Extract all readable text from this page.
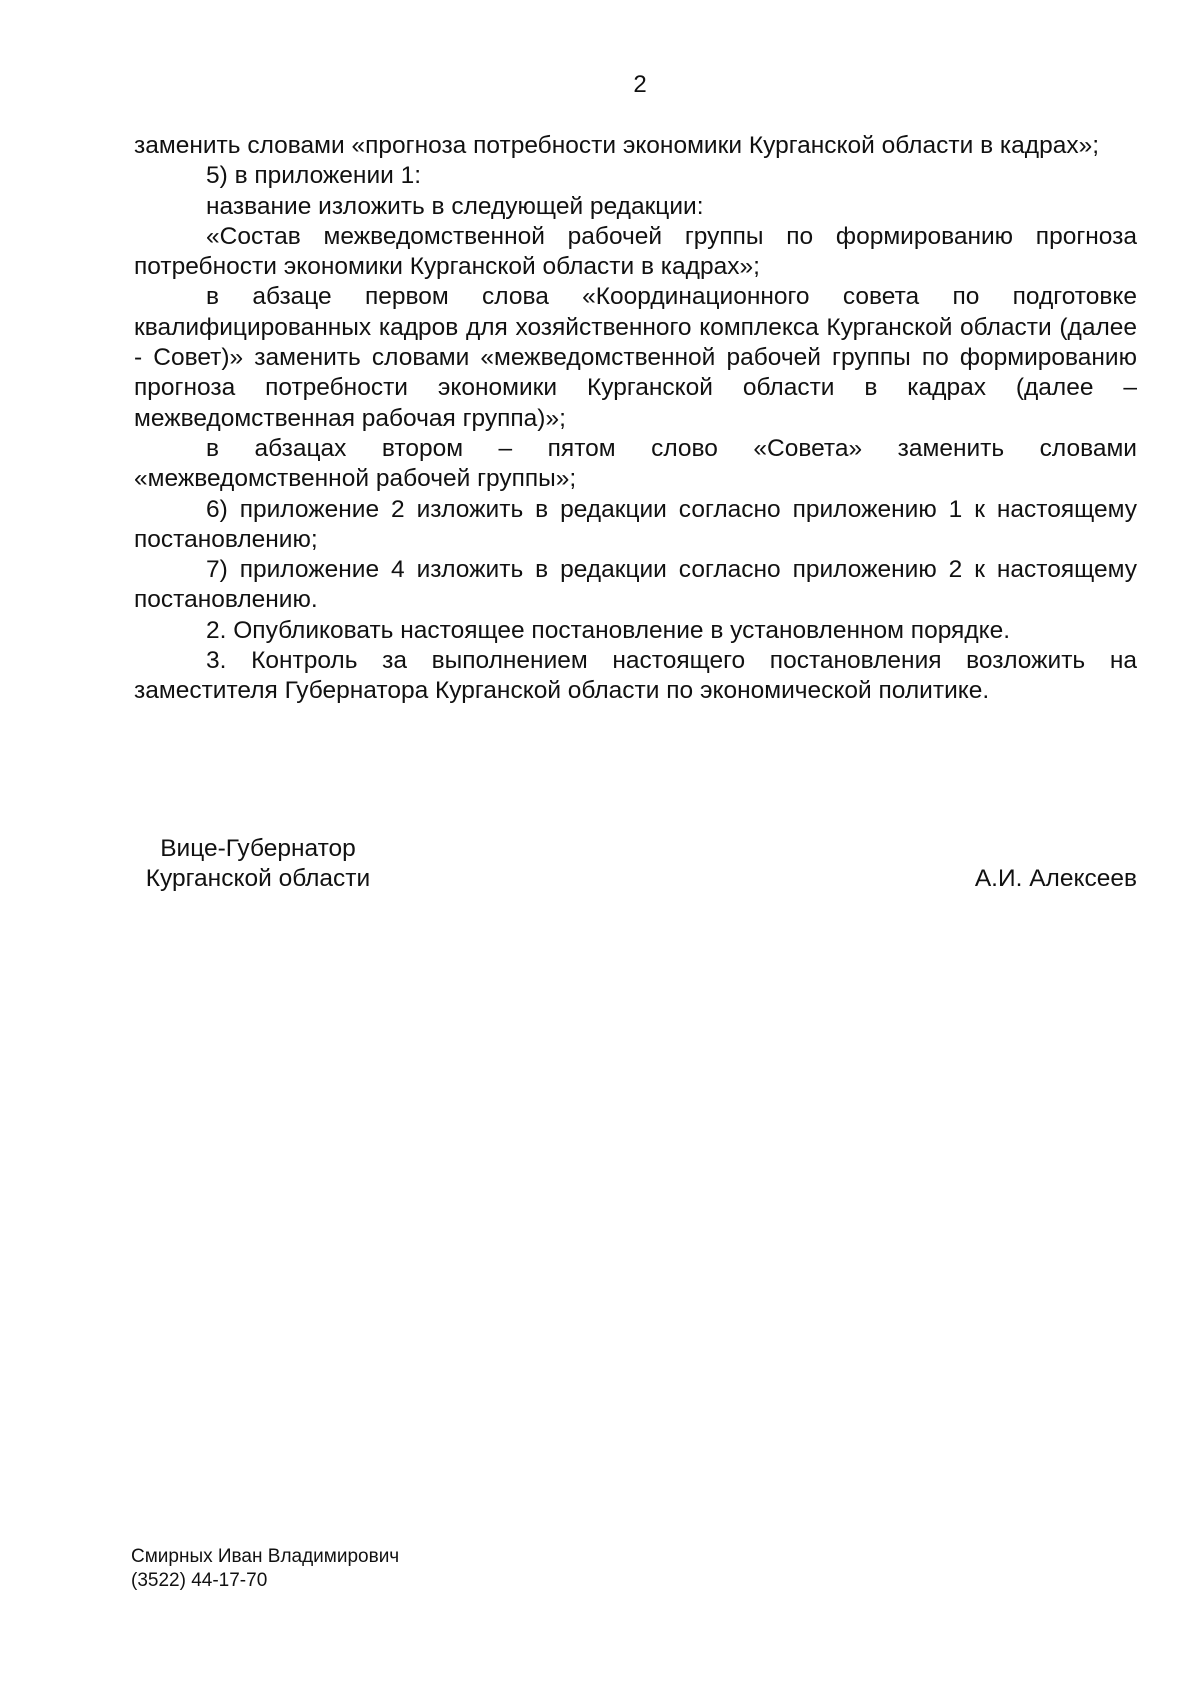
2

заменить словами «прогноза потребности экономики Курганской области в кадрах»;

5) в приложении 1:

название изложить в следующей редакции:

«Состав межведомственной рабочей группы по формированию прогноза потребности экономики Курганской области в кадрах»;

в абзаце первом слова «Координационного совета по подготовке квалифицированных кадров для хозяйственного комплекса Курганской области (далее - Совет)» заменить словами «межведомственной рабочей группы по формированию прогноза потребности экономики Курганской области в кадрах (далее – межведомственная рабочая группа)»;

в абзацах втором – пятом слово «Совета» заменить словами «межведомственной рабочей группы»;

6) приложение 2 изложить в редакции согласно приложению 1 к настоящему постановлению;

7) приложение 4 изложить в редакции согласно приложению 2 к настоящему постановлению.

2. Опубликовать настоящее постановление в установленном порядке.

3. Контроль за выполнением настоящего постановления возложить на заместителя Губернатора Курганской области по экономической политике.

Вице-Губернатор
Курганской области	А.И. Алексеев
Смирных Иван Владимирович
(3522) 44-17-70
